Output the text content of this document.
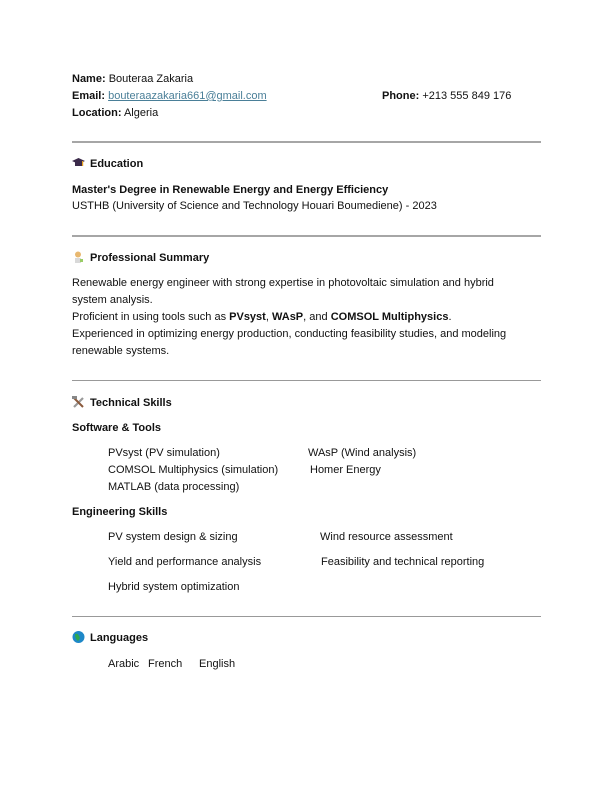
Name: Bouteraa Zakaria
Email: bouteraazakaria661@gmail.com	Phone: +213 555 849 176
Location: Algeria
Education
Master's Degree in Renewable Energy and Energy Efficiency
USTHB (University of Science and Technology Houari Boumediene) - 2023
Professional Summary
Renewable energy engineer with strong expertise in photovoltaic simulation and hybrid
system analysis.
Proficient in using tools such as PVsyst, WAsP, and COMSOL Multiphysics.
Experienced in optimizing energy production, conducting feasibility studies, and modeling
renewable systems.
Technical Skills
Software & Tools
PVsyst (PV simulation)	WAsP (Wind analysis)
COMSOL Multiphysics (simulation)	Homer Energy
MATLAB (data processing)
Engineering Skills
PV system design & sizing	Wind resource assessment
Yield and performance analysis	Feasibility and technical reporting
Hybrid system optimization
Languages
Arabic French English
